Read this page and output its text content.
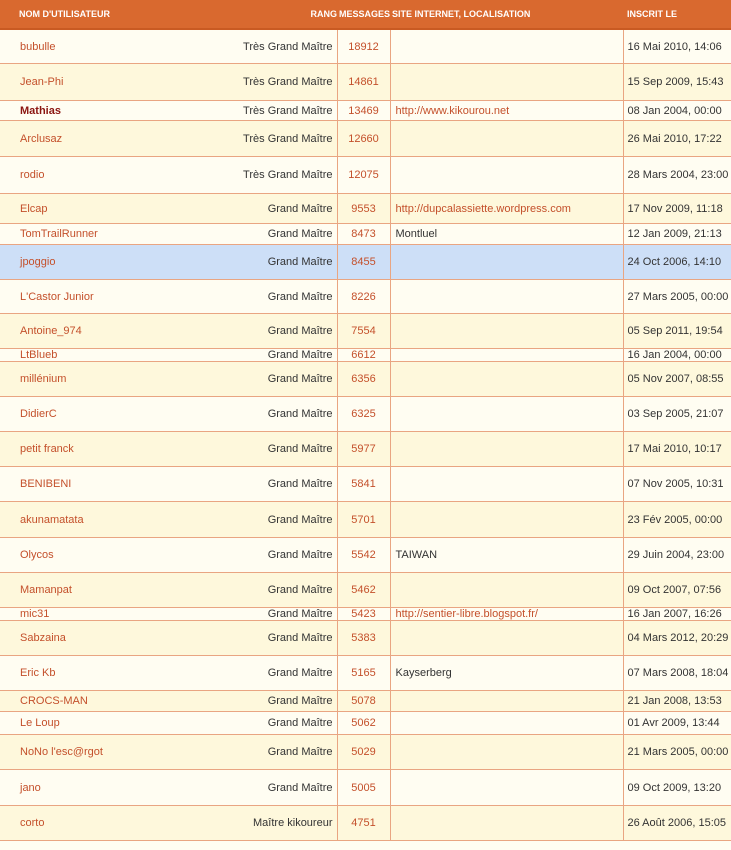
NOM D'UTILISATEUR	RANG	MESSAGES	SITE INTERNET, LOCALISATION	INSCRIT LE
bubulle	Très Grand Maître	18912		16 Mai 2010, 14:06
Jean-Phi	Très Grand Maître	14861		15 Sep 2009, 15:43
Mathias	Très Grand Maître	13469	http://www.kikourou.net	08 Jan 2004, 00:00
Arclusaz	Très Grand Maître	12660		26 Mai 2010, 17:22
rodio	Très Grand Maître	12075		28 Mars 2004, 23:00
Elcap	Grand Maître	9553	http://dupcalassiette.wordpress.com	17 Nov 2009, 11:18
TomTrailRunner	Grand Maître	8473	Montluel	12 Jan 2009, 21:13
jpoggio	Grand Maître	8455		24 Oct 2006, 14:10
L'Castor Junior	Grand Maître	8226		27 Mars 2005, 00:00
Antoine_974	Grand Maître	7554		05 Sep 2011, 19:54
LtBlueb	Grand Maître	6612		16 Jan 2004, 00:00
millénium	Grand Maître	6356		05 Nov 2007, 08:55
DidierC	Grand Maître	6325		03 Sep 2005, 21:07
petit franck	Grand Maître	5977		17 Mai 2010, 10:17
BENIBENI	Grand Maître	5841		07 Nov 2005, 10:31
akunamatata	Grand Maître	5701		23 Fév 2005, 00:00
Olycos	Grand Maître	5542	TAIWAN	29 Juin 2004, 23:00
Mamanpat	Grand Maître	5462		09 Oct 2007, 07:56
mic31	Grand Maître	5423	http://sentier-libre.blogspot.fr/	16 Jan 2007, 16:26
Sabzaina	Grand Maître	5383		04 Mars 2012, 20:29
Eric Kb	Grand Maître	5165	Kayserberg	07 Mars 2008, 18:04
CROCS-MAN	Grand Maître	5078		21 Jan 2008, 13:53
Le Loup	Grand Maître	5062		01 Avr 2009, 13:44
NoNo l'esc@rgot	Grand Maître	5029		21 Mars 2005, 00:00
jano	Grand Maître	5005		09 Oct 2009, 13:20
corto	Maître kikoureur	4751		26 Août 2006, 15:05
